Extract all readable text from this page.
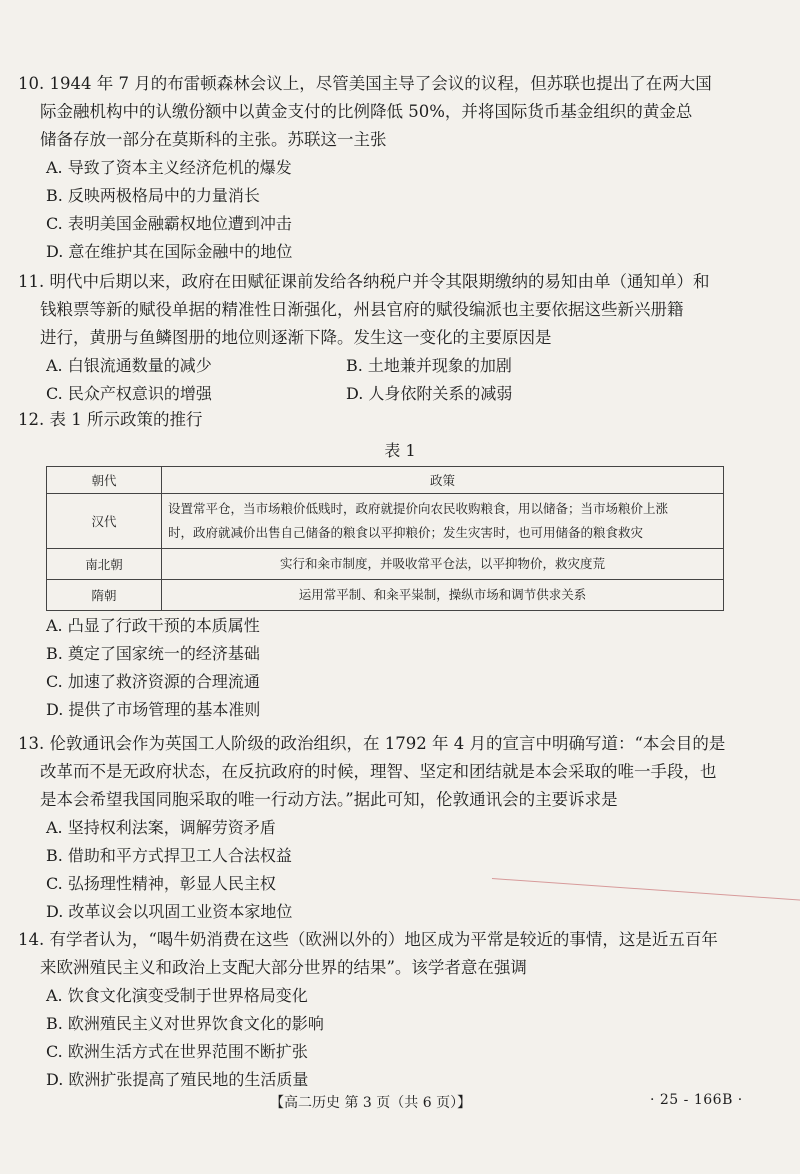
10. 1944 年 7 月的布雷顿森林会议上，尽管美国主导了会议的议程，但苏联也提出了在两大国
际金融机构中的认缴份额中以黄金支付的比例降低 50%，并将国际货币基金组织的黄金总
储备存放一部分在莫斯科的主张。苏联这一主张
A. 导致了资本主义经济危机的爆发
B. 反映两极格局中的力量消长
C. 表明美国金融霸权地位遭到冲击
D. 意在维护其在国际金融中的地位
11. 明代中后期以来，政府在田赋征课前发给各纳税户并令其限期缴纳的易知由单（通知单）和
钱粮票等新的赋役单据的精准性日渐强化，州县官府的赋役编派也主要依据这些新兴册籍
进行，黄册与鱼鳞图册的地位则逐渐下降。发生这一变化的主要原因是
A. 白银流通数量的减少	B. 土地兼并现象的加剧
C. 民众产权意识的增强	D. 人身依附关系的减弱
12. 表 1 所示政策的推行
表 1
朝代	政策
汉代	设置常平仓，当市场粮价低贱时，政府就提价向农民收购粮食，用以储备；当市场粮价上涨
时，政府就减价出售自己储备的粮食以平抑粮价；发生灾害时，也可用储备的粮食救灾

南北朝	实行和籴市制度，并吸收常平仓法，以平抑物价，救灾度荒

隋朝	运用常平制、和籴平粜制，操纵市场和调节供求关系
A. 凸显了行政干预的本质属性
B. 奠定了国家统一的经济基础
C. 加速了救济资源的合理流通
D. 提供了市场管理的基本准则
13. 伦敦通讯会作为英国工人阶级的政治组织，在 1792 年 4 月的宣言中明确写道：“本会目的是
改革而不是无政府状态，在反抗政府的时候，理智、坚定和团结就是本会采取的唯一手段，也
是本会希望我国同胞采取的唯一行动方法。”据此可知，伦敦通讯会的主要诉求是
A. 坚持权利法案，调解劳资矛盾
B. 借助和平方式捍卫工人合法权益
C. 弘扬理性精神，彰显人民主权
D. 改革议会以巩固工业资本家地位
14. 有学者认为，“喝牛奶消费在这些（欧洲以外的）地区成为平常是较近的事情，这是近五百年
来欧洲殖民主义和政治上支配大部分世界的结果”。该学者意在强调
A. 饮食文化演变受制于世界格局变化
B. 欧洲殖民主义对世界饮食文化的影响
C. 欧洲生活方式在世界范围不断扩张
D. 欧洲扩张提高了殖民地的生活质量
【高二历史 第 3 页（共 6 页）】	· 25 - 166B ·
